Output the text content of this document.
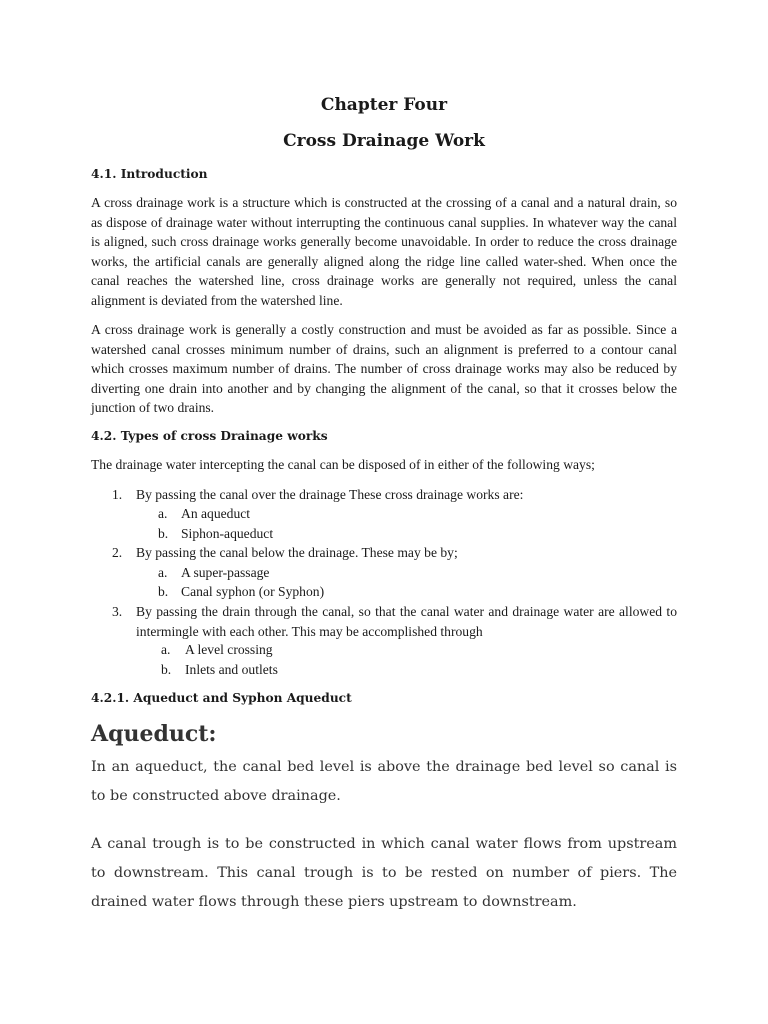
Chapter Four
Cross Drainage Work
4.1. Introduction

A cross drainage work is a structure which is constructed at the crossing of a canal and a natural drain, so as dispose of drainage water without interrupting the continuous canal supplies. In whatever way the canal is aligned, such cross drainage works generally become unavoidable. In order to reduce the cross drainage works, the artificial canals are generally aligned along the ridge line called water-shed. When once the canal reaches the watershed line, cross drainage works are generally not required, unless the canal alignment is deviated from the watershed line.

A cross drainage work is generally a costly construction and must be avoided as far as possible. Since a watershed canal crosses minimum number of drains, such an alignment is preferred to a contour canal which crosses maximum number of drains. The number of cross drainage works may also be reduced by diverting one drain into another and by changing the alignment of the canal, so that it crosses below the junction of two drains.

4.2. Types of cross Drainage works

The drainage water intercepting the canal can be disposed of in either of the following ways;

1. By passing the canal over the drainage These cross drainage works are:

a. An aqueduct

b. Siphon-aqueduct

2. By passing the canal below the drainage. These may be by;

a. A super-passage

b. Canal syphon (or Syphon)

3. By passing the drain through the canal, so that the canal water and drainage water are allowed to intermingle with each other. This may be accomplished through

a. A level crossing

b. Inlets and outlets

4.2.1. Aqueduct and Syphon Aqueduct
Aqueduct:

In an aqueduct, the canal bed level is above the drainage bed level so canal is to be constructed above drainage.

A canal trough is to be constructed in which canal water flows from upstream to downstream. This canal trough is to be rested on number of piers. The drained water flows through these piers upstream to downstream.
